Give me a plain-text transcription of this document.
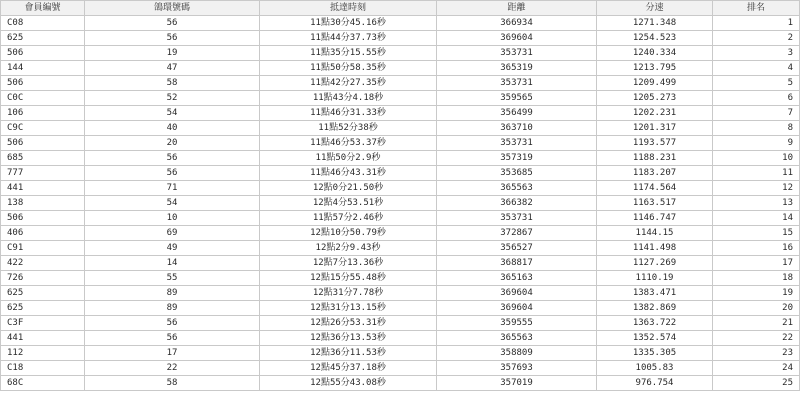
會員編號	鴿環號碼	抵達時刻	距離	分速	排名
C08	56	11點30分45.16秒	366934	1271.348	1
625	56	11點44分37.73秒	369604	1254.523	2
506	19	11點35分15.55秒	353731	1240.334	3
144	47	11點50分58.35秒	365319	1213.795	4
506	58	11點42分27.35秒	353731	1209.499	5
C0C	52	11點43分4.18秒	359565	1205.273	6
106	54	11點46分31.33秒	356499	1202.231	7
C9C	40	11點52分38秒	363710	1201.317	8
506	20	11點46分53.37秒	353731	1193.577	9
685	56	11點50分2.9秒	357319	1188.231	10
777	56	11點46分43.31秒	353685	1183.207	11
441	71	12點0分21.50秒	365563	1174.564	12
138	54	12點4分53.51秒	366382	1163.517	13
506	10	11點57分2.46秒	353731	1146.747	14
406	69	12點10分50.79秒	372867	1144.15	15
C91	49	12點2分9.43秒	356527	1141.498	16
422	14	12點7分13.36秒	368817	1127.269	17
726	55	12點15分55.48秒	365163	1110.19	18
625	89	12點31分7.78秒	369604	1383.471	19
625	89	12點31分13.15秒	369604	1382.869	20
C3F	56	12點26分53.31秒	359555	1363.722	21
441	56	12點36分13.53秒	365563	1352.574	22
112	17	12點36分11.53秒	358809	1335.305	23
C18	22	12點45分37.18秒	357693	1005.83	24
68C	58	12點55分43.08秒	357019	976.754	25
